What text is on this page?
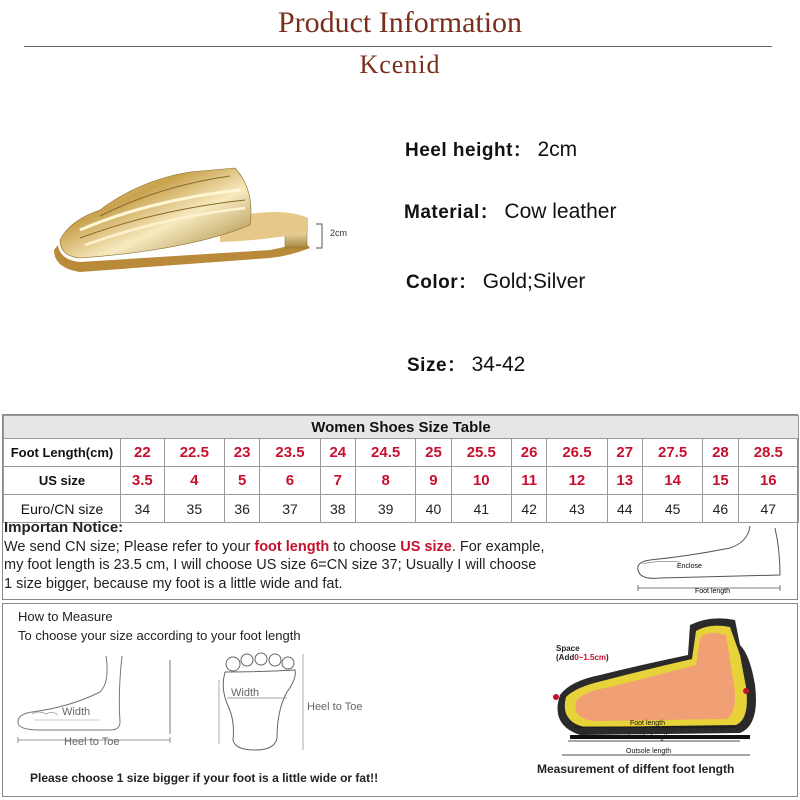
Product Information
Kcenid
2cm
Heel height： 2cm
Material： Cow leather
Color： Gold;Silver
Size： 34-42
Women Shoes Size Table														
Foot Length(cm)	22	22.5	23	23.5	24	24.5	25	25.5	26	26.5	27	27.5	28	28.5
US size	3.5	4	5	6	7	8	9	10	11	12	13	14	15	16
Euro/CN size	34	35	36	37	38	39	40	41	42	43	44	45	46	47
Importan Notice:
We send CN size; Please refer to your foot length to choose US size. For example,
my foot length is 23.5 cm, I will choose US size 6=CN size 37; Usually I will choose
1 size bigger, because my foot is a little wide and fat.
Enclose
Foot length
How to Measure
To choose your size according to your foot length
Width
Heel to Toe
Width
Heel to Toe
Please choose 1 size bigger if your foot is a little wide or fat!!
Foot length
Lnsole length
Outsole length
Space
(Add0~1.5cm)
Measurement of diffent foot length
